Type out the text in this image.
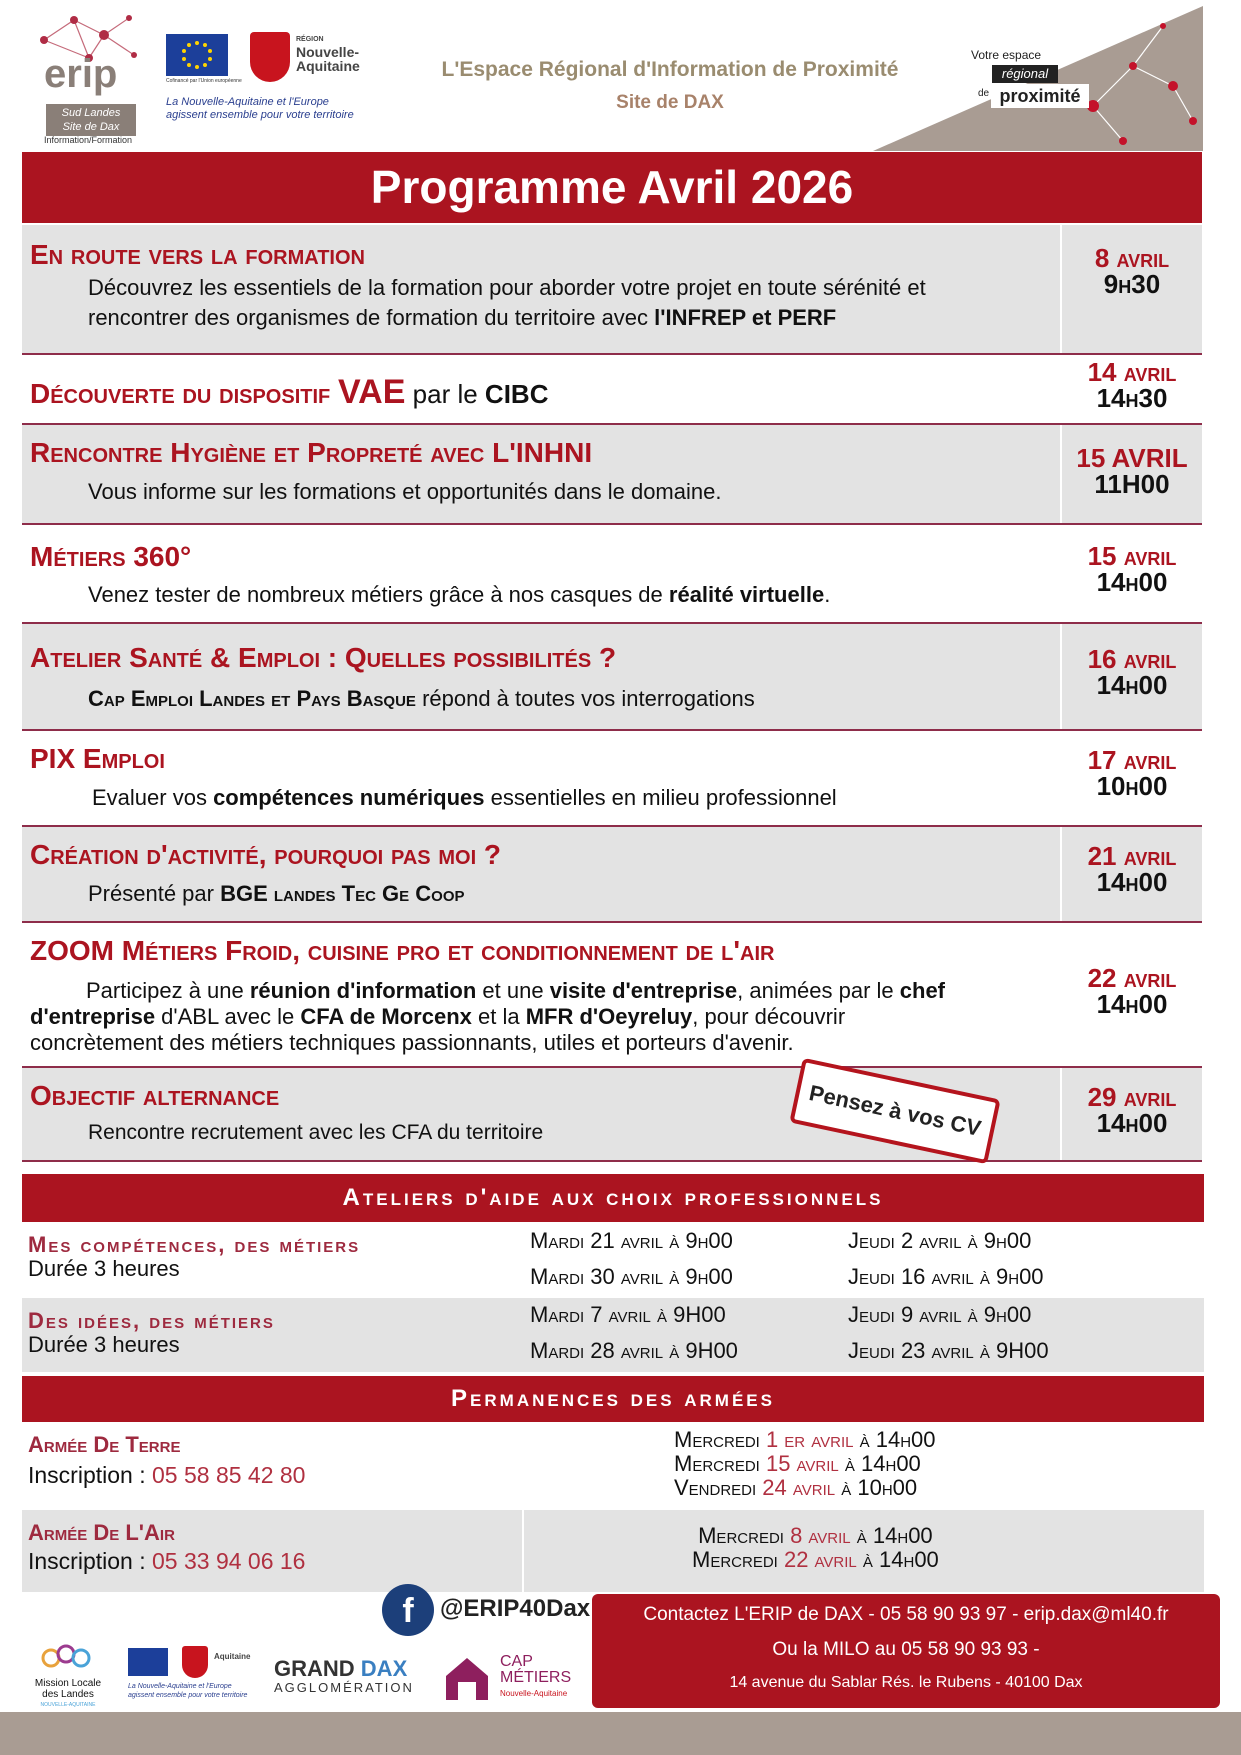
erip
Sud Landes
Site de Dax
Information/Formation
Cofinancé par l'Union européenne
RÉGION
Nouvelle-
Aquitaine
La Nouvelle-Aquitaine et l'Europe
agissent ensemble pour votre territoire
L'Espace Régional d'Information de Proximité
Site de DAX
Votre espace
régional
de proximité
Programme Avril 2026
En route vers la formation
Découvrez les essentiels de la formation pour aborder votre projet en toute sérénité et
rencontrer des organismes de formation du territoire avec l'INFREP et PERF
8 avril
9h30
Découverte du dispositif VAE par le CIBC
14 avril
14h30
Rencontre Hygiène et Propreté avec L'INHNI
Vous informe sur les formations et opportunités dans le domaine.
15 AVRIL
11H00
Métiers 360°
Venez tester de nombreux métiers grâce à nos casques de réalité virtuelle.
15 avril
14h00
Atelier Santé & Emploi : Quelles possibilités ?
Cap Emploi Landes et Pays Basque répond à toutes vos interrogations
16 avril
14h00
PIX Emploi
Evaluer vos compétences numériques essentielles en milieu professionnel
17 avril
10h00
Création d'activité, pourquoi pas moi ?
Présenté par BGE landes Tec Ge Coop
21 avril
14h00
ZOOM Métiers Froid, cuisine pro et conditionnement de l'air
Participez à une réunion d'information et une visite d'entreprise, animées par le chef
d'entreprise d'ABL avec le CFA de Morcenx et la MFR d'Oeyreluy, pour découvrir
concrètement des métiers techniques passionnants, utiles et porteurs d'avenir.
22 avril
14h00
Objectif alternance
Rencontre recrutement avec les CFA du territoire
29 avril
14h00
Pensez à vos CV
Ateliers d'aide aux choix professionnels
Mes compétences, des métiers
Durée 3 heures
Mardi 21 avril à 9h00	Jeudi 2 avril à 9h00
Mardi 30 avril à 9h00	Jeudi 16 avril à 9h00
Des idées, des métiers
Durée 3 heures
Mardi 7 avril à 9H00	Jeudi 9 avril à 9h00
Mardi 28 avril à 9H00	Jeudi 23 avril à 9H00
Permanences des armées
Armée De Terre
Inscription : 05 58 85 42 80
Mercredi 1 er avril à 14h00
Mercredi 15 avril à 14h00
Vendredi 24 avril à 10h00
Armée De L'Air
Inscription : 05 33 94 06 16
Mercredi 8 avril à 14h00
Mercredi 22 avril à 14h00
f	@ERIP40Dax
Mission Locale
des Landes
NOUVELLE-AQUITAINE
Aquitaine
La Nouvelle-Aquitaine et l'Europe
agissent ensemble pour votre territoire
GRAND DAX
AGGLOMÉRATION
CAP
MÉTIERS
Nouvelle-Aquitaine
Contactez L'ERIP de DAX - 05 58 90 93 97 - erip.dax@ml40.fr
Ou la MILO au 05 58 90 93 93 -
14 avenue du Sablar Rés. le Rubens - 40100 Dax
